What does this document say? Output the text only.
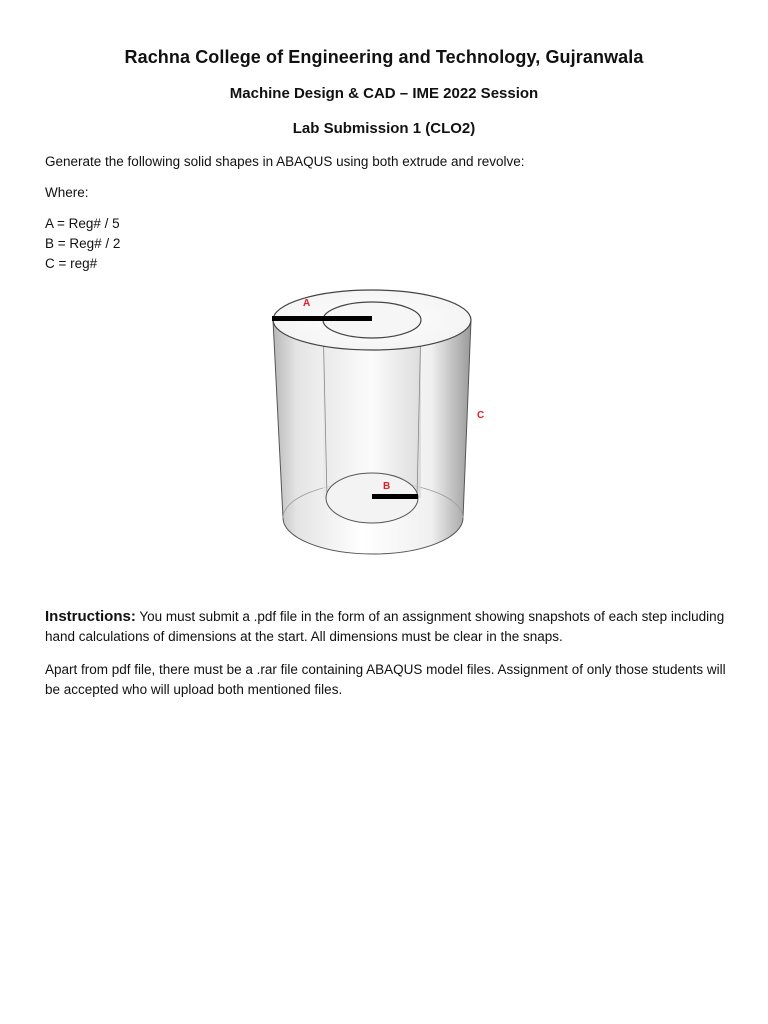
Rachna College of Engineering and Technology, Gujranwala
Machine Design & CAD – IME 2022 Session
Lab Submission 1 (CLO2)
Generate the following solid shapes in ABAQUS using both extrude and revolve:
Where:
A = Reg# / 5
B = Reg# / 2
C = reg#
A
B
C
Instructions: You must submit a .pdf file in the form of an assignment showing snapshots of each step including hand calculations of dimensions at the start. All dimensions must be clear in the snaps.
Apart from pdf file, there must be a .rar file containing ABAQUS model files. Assignment of only those students will be accepted who will upload both mentioned files.
